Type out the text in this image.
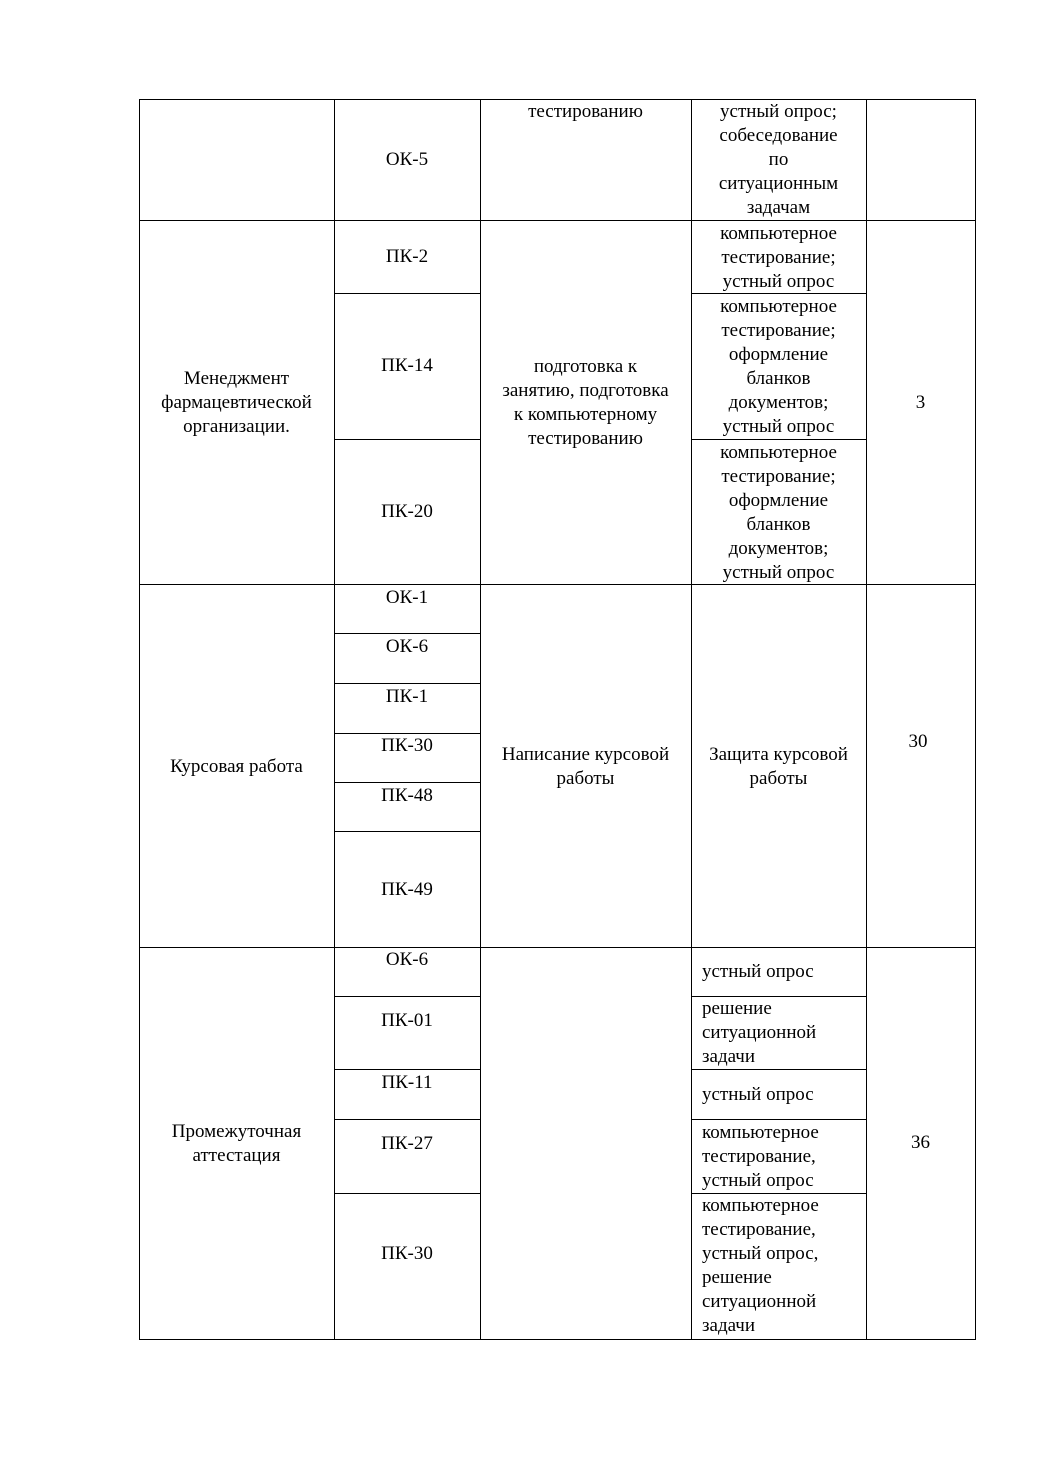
ОК-5
тестированию	устный опрос;
собеседование
по
ситуационным
задачам
Менеджмент
фармацевтической
организации.
ПК-2
ПК-14
ПК-20
подготовка к
занятию, подготовка
к компьютерному
тестированию
компьютерное
тестирование;
устный опрос
компьютерное
тестирование;
оформление
бланков
документов;
устный опрос
компьютерное
тестирование;
оформление
бланков
документов;
устный опрос
3
Курсовая работа
ОК-1
ОК-6
ПК-1
ПК-30
ПК-48
ПК-49
Написание курсовой
работы
Защита курсовой
работы
30
Промежуточная
аттестация
ОК-6
ПК-01
ПК-11
ПК-27
ПК-30
устный опрос
решение
ситуационной
задачи
устный опрос
компьютерное
тестирование,
устный опрос
компьютерное
тестирование,
устный опрос,
решение
ситуационной
задачи
36
